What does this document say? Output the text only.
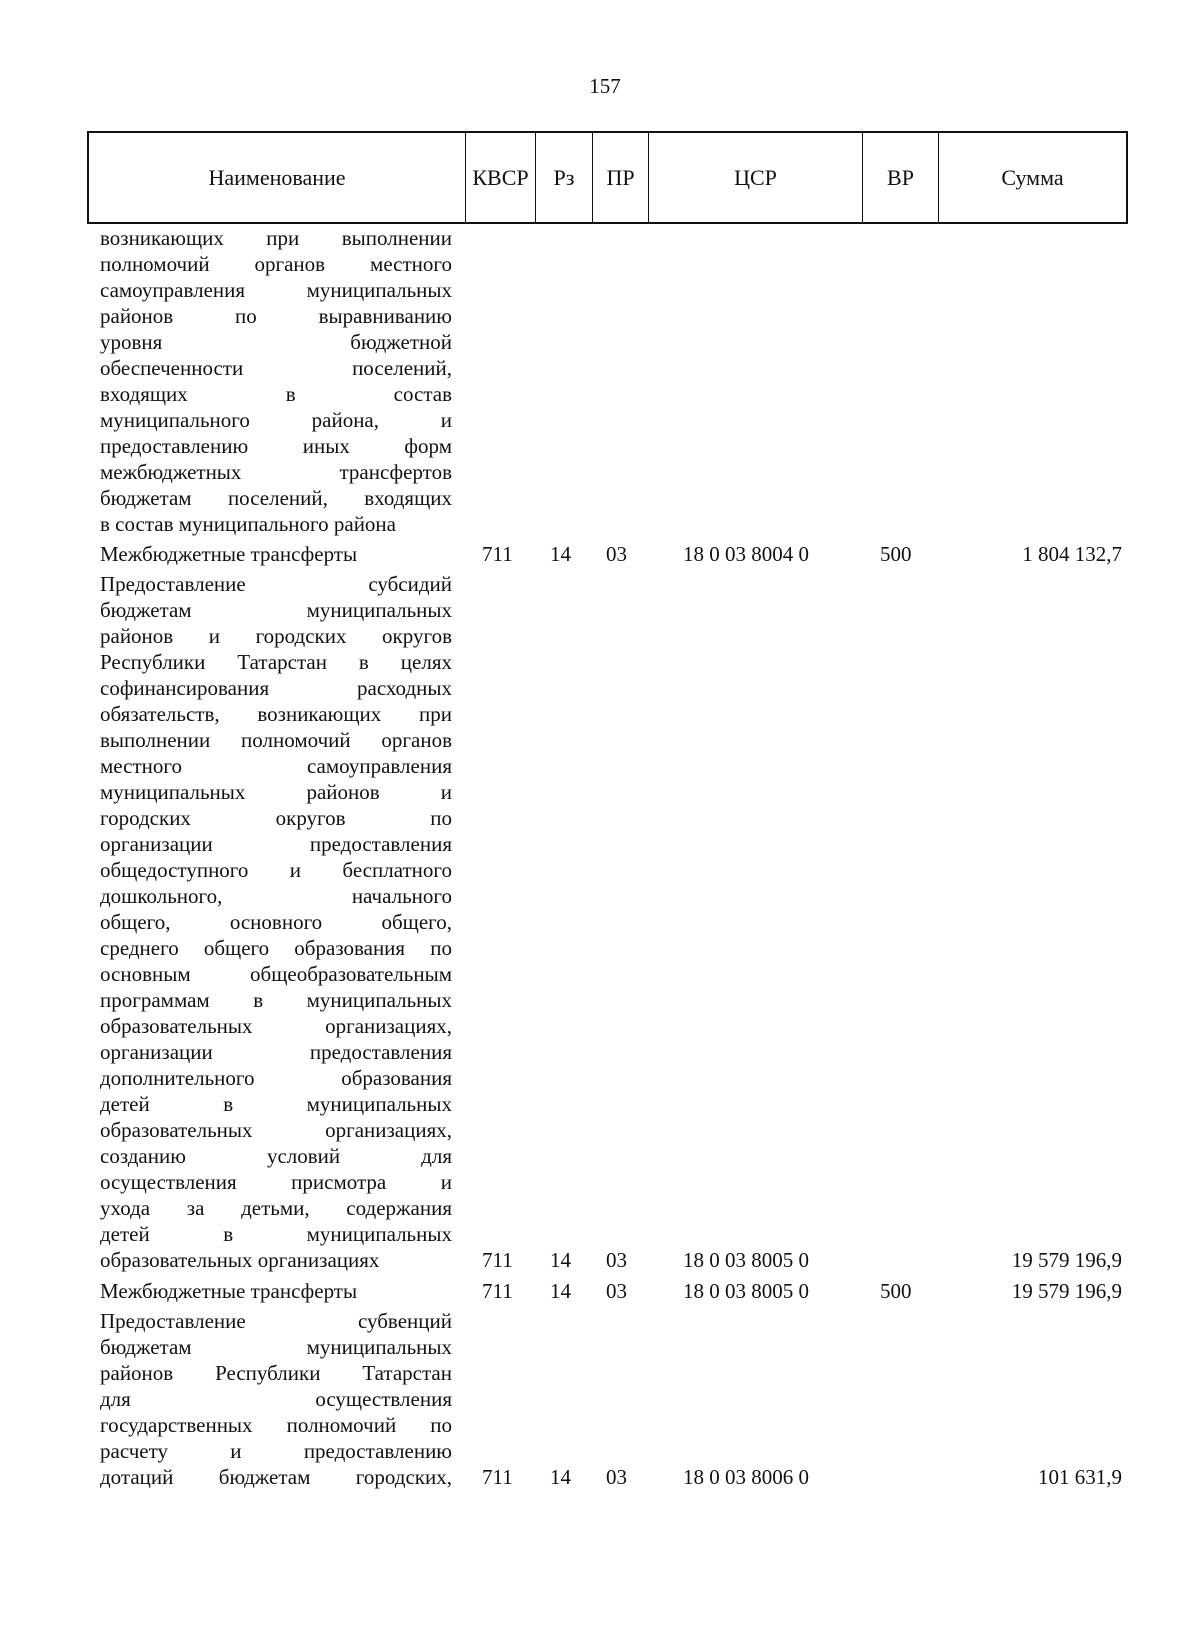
157
Наименование	КВСР	Рз	ПР	ЦСР	ВР	Сумма
возникающих при выполнении
полномочий органов местного
самоуправления муниципальных
районов по выравниванию
уровня бюджетной
обеспеченности поселений,
входящих в состав
муниципального района, и
предоставлению иных форм
межбюджетных трансфертов
бюджетам поселений, входящих
в состав муниципального района
Межбюджетные трансферты	711 14 03	18 0 03 8004 0	500	1 804 132,7
Предоставление субсидий
бюджетам муниципальных
районов и городских округов
Республики Татарстан в целях
софинансирования расходных
обязательств, возникающих при
выполнении полномочий органов
местного самоуправления
муниципальных районов и
городских округов по
организации предоставления
общедоступного и бесплатного
дошкольного, начального
общего, основного общего,
среднего общего образования по
основным общеобразовательным
программам в муниципальных
образовательных организациях,
организации предоставления
дополнительного образования
детей в муниципальных
образовательных организациях,
созданию условий для
осуществления присмотра и
ухода за детьми, содержания
детей в муниципальных
образовательных организациях	711 14 03	18 0 03 8005 0	19 579 196,9
Межбюджетные трансферты	711 14 03	18 0 03 8005 0	500	19 579 196,9
Предоставление субвенций
бюджетам муниципальных
районов Республики Татарстан
для осуществления
государственных полномочий по
расчету и предоставлению
дотаций бюджетам городских, 711 14 03	18 0 03 8006 0	101 631,9
